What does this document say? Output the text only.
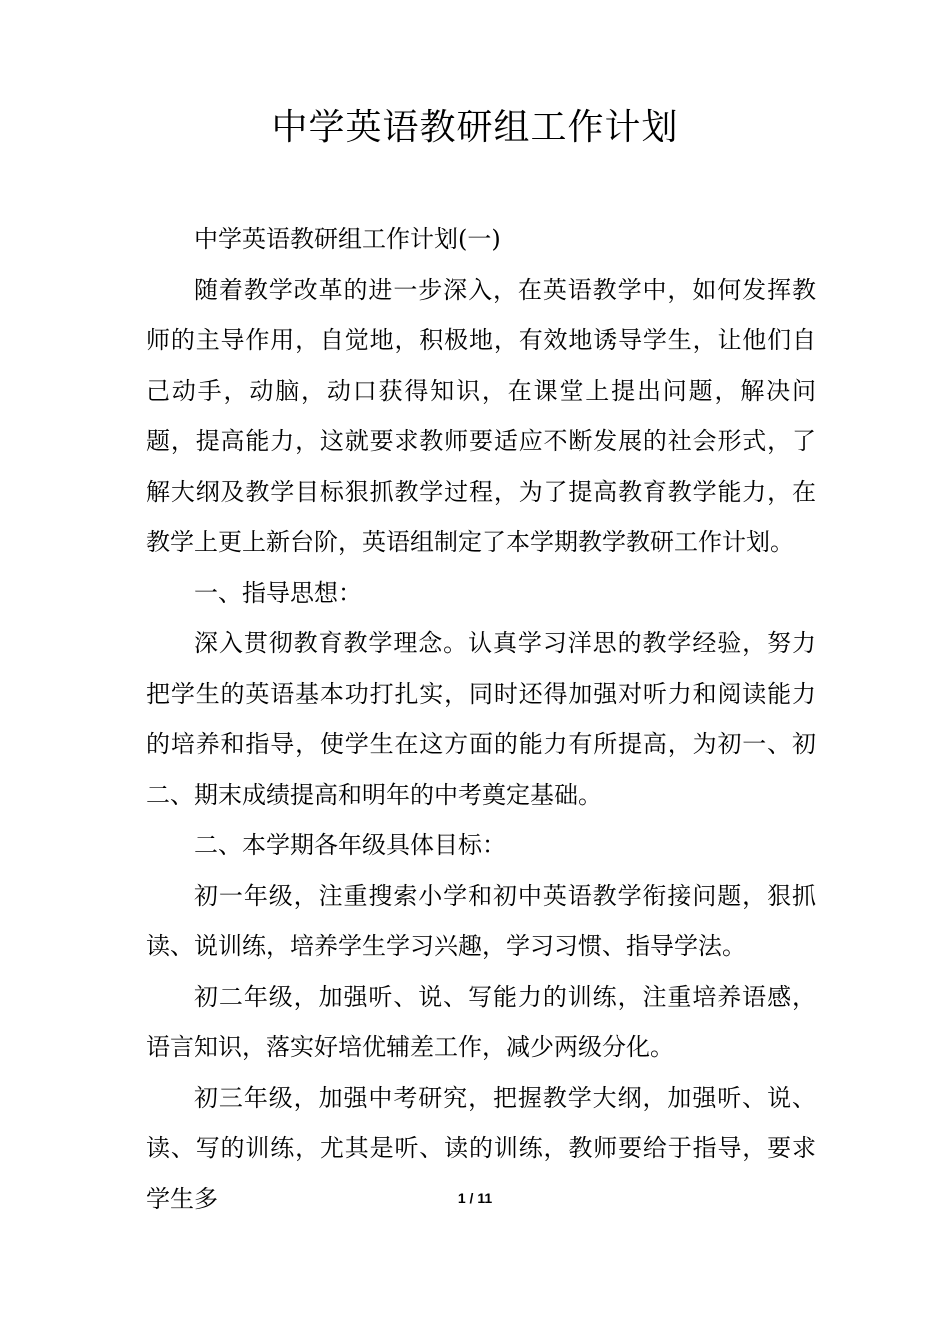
中学英语教研组工作计划

中学英语教研组工作计划(一)

随着教学改革的进一步深入，在英语教学中，如何发挥教师的主导作用，自觉地，积极地，有效地诱导学生，让他们自己动手，动脑，动口获得知识，在课堂上提出问题，解决问题，提高能力，这就要求教师要适应不断发展的社会形式，了解大纲及教学目标狠抓教学过程，为了提高教育教学能力，在教学上更上新台阶，英语组制定了本学期教学教研工作计划。

一、指导思想：

深入贯彻教育教学理念。认真学习洋思的教学经验，努力把学生的英语基本功打扎实，同时还得加强对听力和阅读能力的培养和指导，使学生在这方面的能力有所提高，为初一、初二、期末成绩提高和明年的中考奠定基础。

二、本学期各年级具体目标：

初一年级，注重搜索小学和初中英语教学衔接问题，狠抓读、说训练，培养学生学习兴趣，学习习惯、指导学法。

初二年级，加强听、说、写能力的训练，注重培养语感，语言知识，落实好培优辅差工作，减少两级分化。

初三年级，加强中考研究，把握教学大纲，加强听、说、读、写的训练，尤其是听、读的训练，教师要给于指导，要求学生多	1 / 11
